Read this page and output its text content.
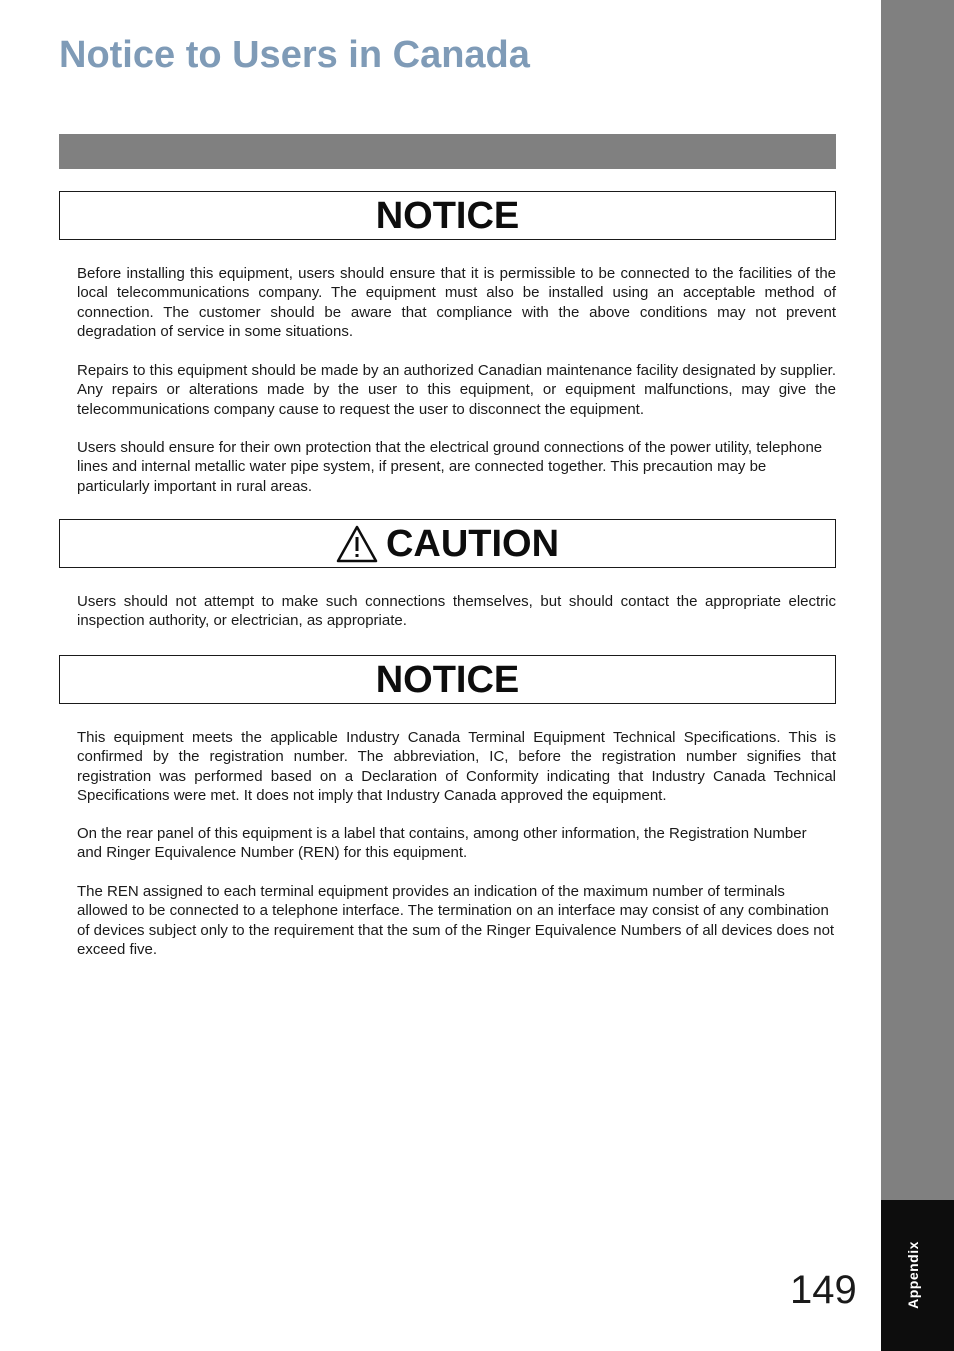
Appendix
Notice to Users in Canada
NOTICE

Before installing this equipment, users should ensure that it is permissible to be connected to the facilities of the local telecommunications company. The equipment must also be installed using an acceptable method of connection. The customer should be aware that compliance with the above conditions may not prevent degradation of service in some situations.

Repairs to this equipment should be made by an authorized Canadian maintenance facility designated by supplier. Any repairs or alterations made by the user to this equipment, or equipment malfunctions, may give the telecommunications company cause to request the user to disconnect the equipment.

Users should ensure for their own protection that the electrical ground connections of the power utility, telephone lines and internal metallic water pipe system, if present, are connected together. This precaution may be particularly important in rural areas.

CAUTION

Users should not attempt to make such connections themselves, but should contact the appropriate electric inspection authority, or electrician, as appropriate.

NOTICE

This equipment meets the applicable Industry Canada Terminal Equipment Technical Specifications. This is confirmed by the registration number. The abbreviation, IC, before the registration number signifies that registration was performed based on a Declaration of Conformity indicating that Industry Canada Technical Specifications were met. It does not imply that Industry Canada approved the equipment.

On the rear panel of this equipment is a label that contains, among other information, the Registration Number and Ringer Equivalence Number (REN) for this equipment.

The REN assigned to each terminal equipment provides an indication of the maximum number of terminals allowed to be connected to a telephone interface. The termination on an interface may consist of any combination of devices subject only to the requirement that the sum of the Ringer Equivalence Numbers of all devices does not exceed five.

149
